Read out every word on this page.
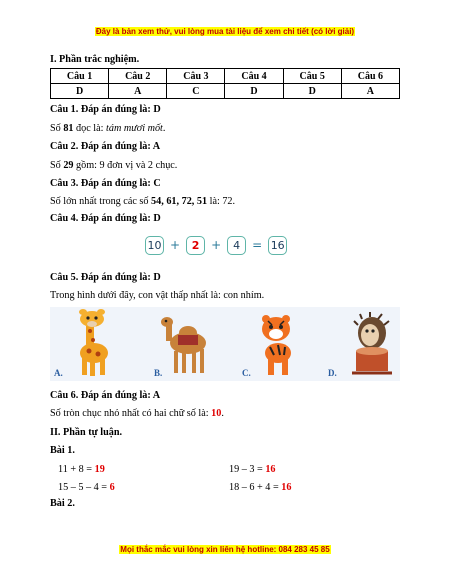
Đây là bản xem thử, vui lòng mua tài liệu để xem chi tiết (có lời giải)
I. Phần trắc nghiệm.
Câu 1	Câu 2	Câu 3	Câu 4	Câu 5	Câu 6
D	A	C	D	D	A
Câu 1. Đáp án đúng là: D
Số 81 đọc là: tám mươi mốt.
Câu 2. Đáp án đúng là: A
Số 29 gồm: 9 đơn vị và 2 chục.
Câu 3. Đáp án đúng là: C
Số lớn nhất trong các số 54, 61, 72, 51 là: 72.
Câu 4. Đáp án đúng là: D
10 +	2 +	4	= 16
Câu 5. Đáp án đúng là: D
Trong hình dưới đây, con vật thấp nhất là: con nhím.
A.	B.	C.	D.
Câu 6. Đáp án đúng là: A
Số tròn chục nhỏ nhất có hai chữ số là: 10.
II. Phần tự luận.
Bài 1.
11 + 8 = 19	19 – 3 = 16
15 – 5 – 4 = 6	18 – 6 + 4 = 16
Bài 2.
Mọi thắc mắc vui lòng xin liên hệ hotline: 084 283 45 85
